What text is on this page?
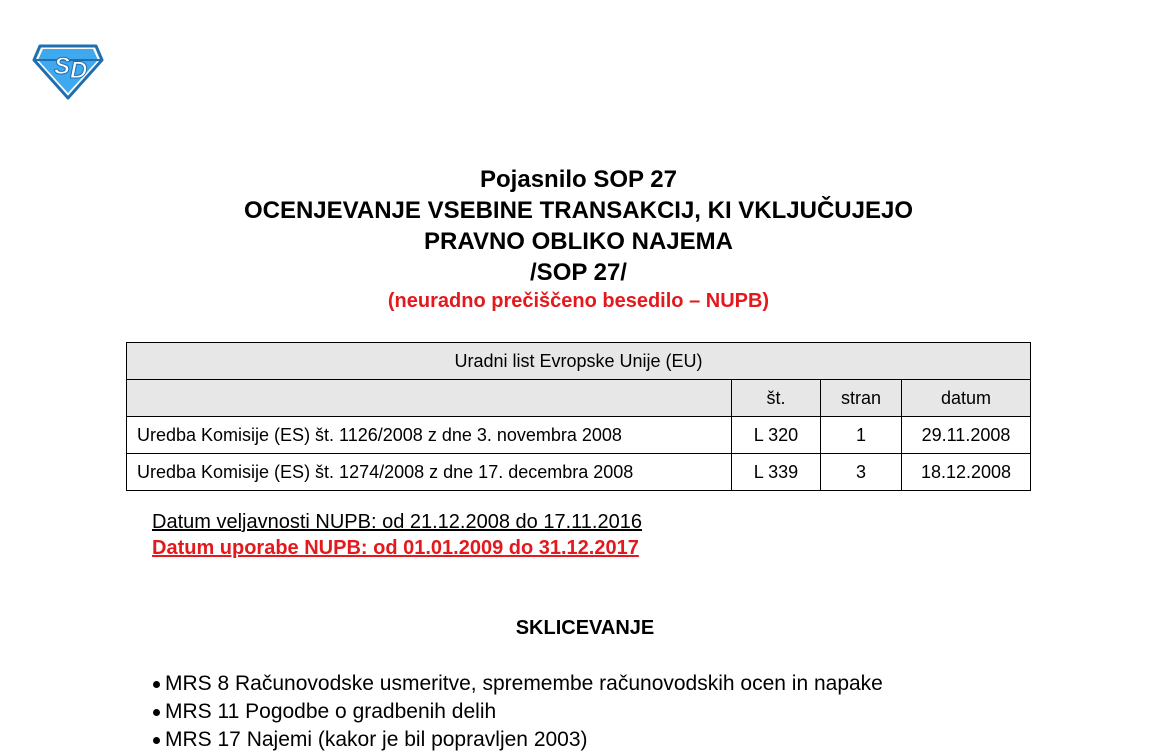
S D
Pojasnilo SOP 27
OCENJEVANJE VSEBINE TRANSAKCIJ, KI VKLJUČUJEJO
PRAVNO OBLIKO NAJEMA
/SOP 27/
(neuradno prečiščeno besedilo – NUPB)
Uradni list Evropske Unije (EU)			
	št.	stran	datum
Uredba Komisije (ES) št. 1126/2008 z dne 3. novembra 2008	L 320	1	29.11.2008
Uredba Komisije (ES) št. 1274/2008 z dne 17. decembra 2008	L 339	3	18.12.2008
Datum veljavnosti NUPB: od 21.12.2008 do 17.11.2016
Datum uporabe NUPB: od 01.01.2009 do 31.12.2017
SKLICEVANJE
MRS 8 Računovodske usmeritve, spremembe računovodskih ocen in napake
MRS 11 Pogodbe o gradbenih delih
MRS 17 Najemi (kakor je bil popravljen 2003)
